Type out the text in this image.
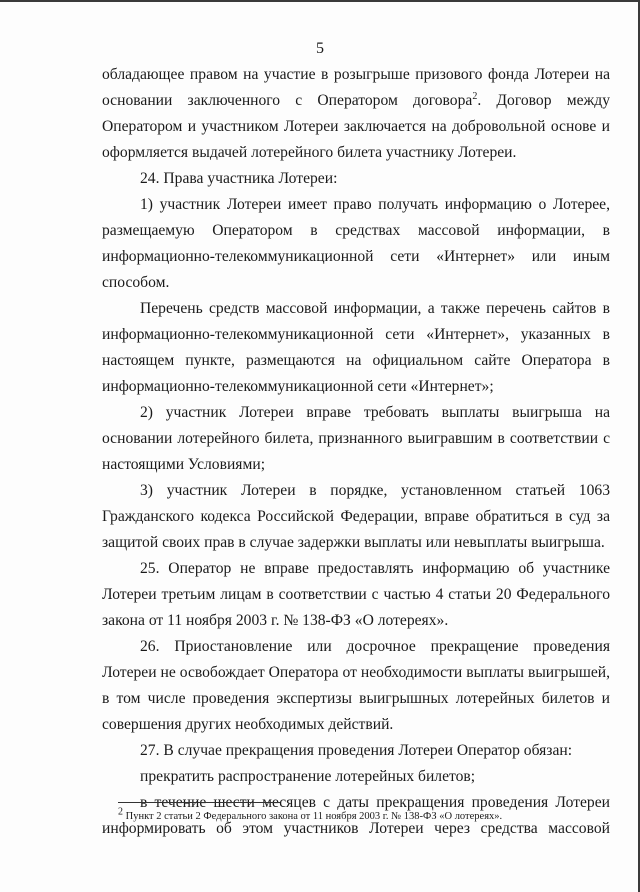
5

обладающее правом на участие в розыгрыше призового фонда Лотереи на основании заключенного с Оператором договора$^2$. Договор между Оператором и участником Лотереи заключается на добровольной основе и оформляется выдачей лотерейного билета участнику Лотереи.

24. Права участника Лотереи:

1) участник Лотереи имеет право получать информацию о Лотерее, размещаемую Оператором в средствах массовой информации, в информационно-телекоммуникационной сети «Интернет» или иным способом.

Перечень средств массовой информации, а также перечень сайтов в информационно-телекоммуникационной сети «Интернет», указанных в настоящем пункте, размещаются на официальном сайте Оператора в информационно-телекоммуникационной сети «Интернет»;

2) участник Лотереи вправе требовать выплаты выигрыша на основании лотерейного билета, признанного выигравшим в соответствии с настоящими Условиями;

3) участник Лотереи в порядке, установленном статьей 1063 Гражданского кодекса Российской Федерации, вправе обратиться в суд за защитой своих прав в случае задержки выплаты или невыплаты выигрыша.

25. Оператор не вправе предоставлять информацию об участнике Лотереи третьим лицам в соответствии с частью 4 статьи 20 Федерального закона от 11 ноября 2003 г. № 138-ФЗ «О лотереях».

26. Приостановление или досрочное прекращение проведения Лотереи не освобождает Оператора от необходимости выплаты выигрышей, в том числе проведения экспертизы выигрышных лотерейных билетов и совершения других необходимых действий.

27. В случае прекращения проведения Лотереи Оператор обязан:

прекратить распространение лотерейных билетов;

в течение шести месяцев с даты прекращения проведения Лотереи информировать об этом участников Лотереи через средства массовой

$^2$ Пункт 2 статьи 2 Федерального закона от 11 ноября 2003 г. № 138-ФЗ «О лотереях».
